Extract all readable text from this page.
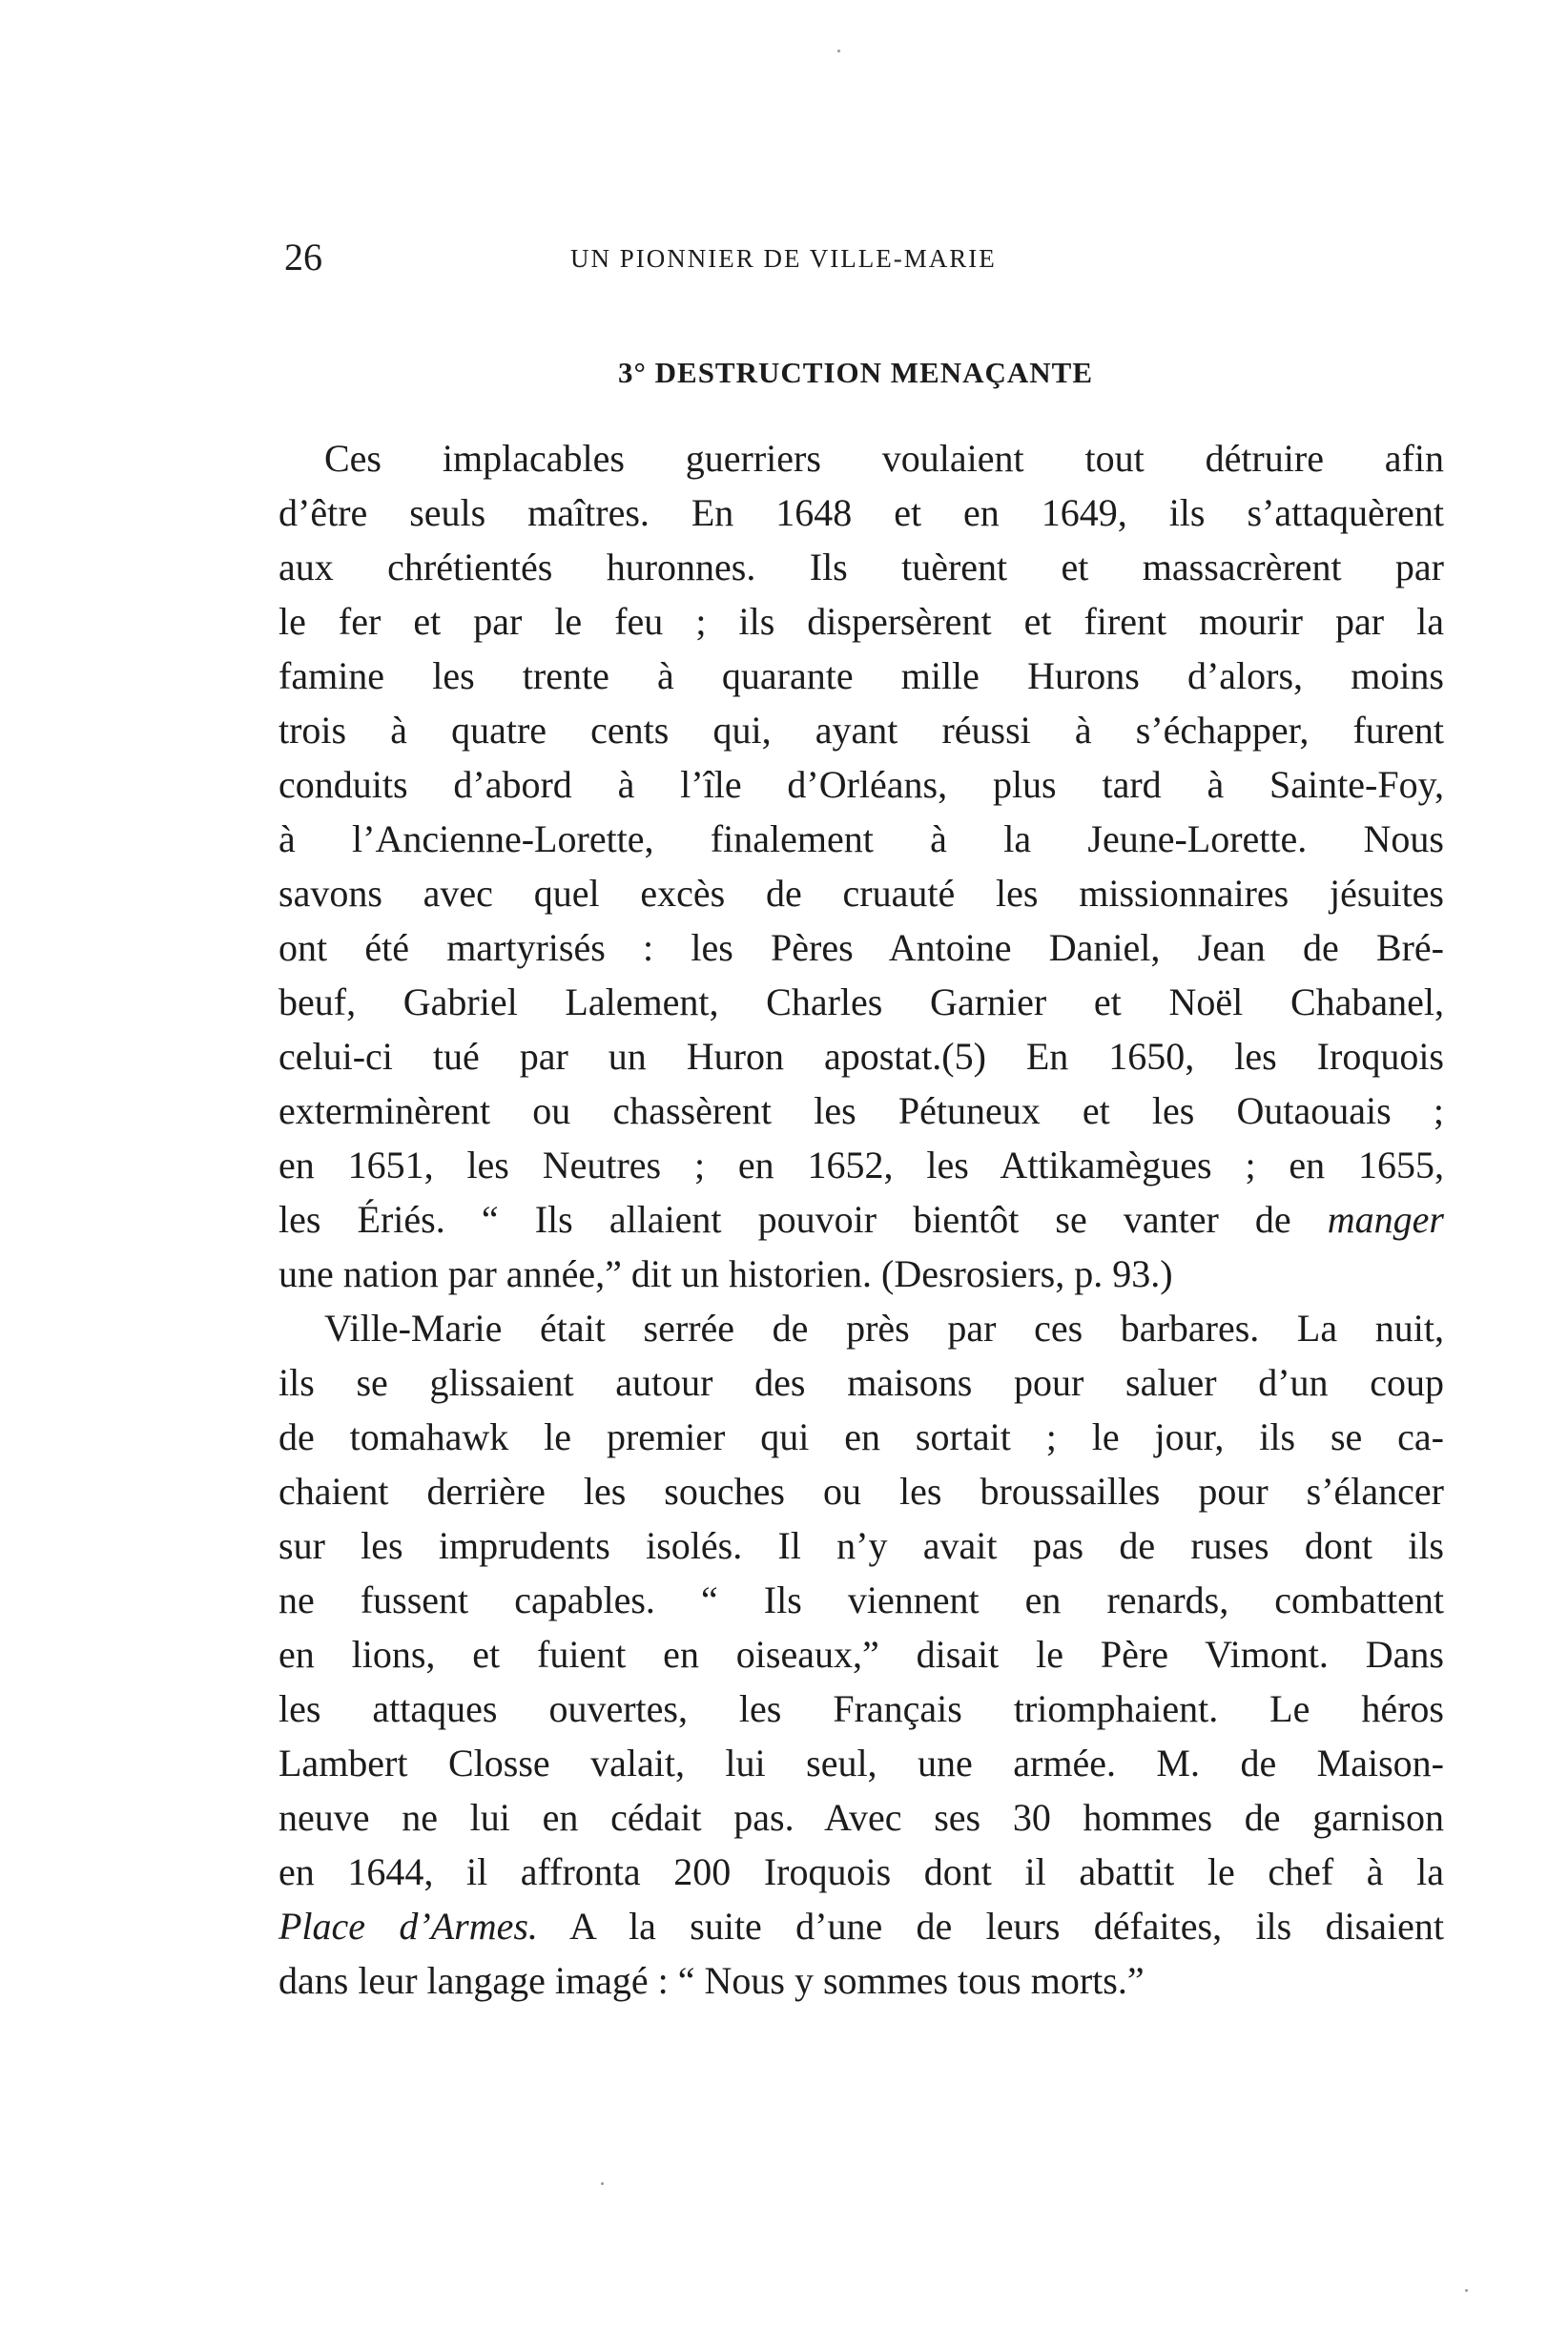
26	UN PIONNIER DE VILLE-MARIE
3° DESTRUCTION MENAÇANTE
Ces implacables guerriers voulaient tout détruire afin
d’être seuls maîtres. En 1648 et en 1649, ils s’attaquèrent
aux chrétientés huronnes. Ils tuèrent et massacrèrent par
le fer et par le feu ; ils dispersèrent et firent mourir par la
famine les trente à quarante mille Hurons d’alors, moins
trois à quatre cents qui, ayant réussi à s’échapper, furent
conduits d’abord à l’île d’Orléans, plus tard à Sainte-Foy,
à l’Ancienne-Lorette, finalement à la Jeune-Lorette. Nous
savons avec quel excès de cruauté les missionnaires jésuites
ont été martyrisés : les Pères Antoine Daniel, Jean de Bré-
beuf, Gabriel Lalement, Charles Garnier et Noël Chabanel,
celui-ci tué par un Huron apostat.(5) En 1650, les Iroquois
exterminèrent ou chassèrent les Pétuneux et les Outaouais ;
en 1651, les Neutres ; en 1652, les Attikamègues ; en 1655,
les Ériés. “ Ils allaient pouvoir bientôt se vanter de manger
une nation par année,” dit un historien. (Desrosiers, p. 93.)
Ville-Marie était serrée de près par ces barbares. La nuit,
ils se glissaient autour des maisons pour saluer d’un coup
de tomahawk le premier qui en sortait ; le jour, ils se ca-
chaient derrière les souches ou les broussailles pour s’élancer
sur les imprudents isolés. Il n’y avait pas de ruses dont ils
ne fussent capables. “ Ils viennent en renards, combattent
en lions, et fuient en oiseaux,” disait le Père Vimont. Dans
les attaques ouvertes, les Français triomphaient. Le héros
Lambert Closse valait, lui seul, une armée. M. de Maison-
neuve ne lui en cédait pas. Avec ses 30 hommes de garnison
en 1644, il affronta 200 Iroquois dont il abattit le chef à la
Place d’Armes. A la suite d’une de leurs défaites, ils disaient
dans leur langage imagé : “ Nous y sommes tous morts.”
